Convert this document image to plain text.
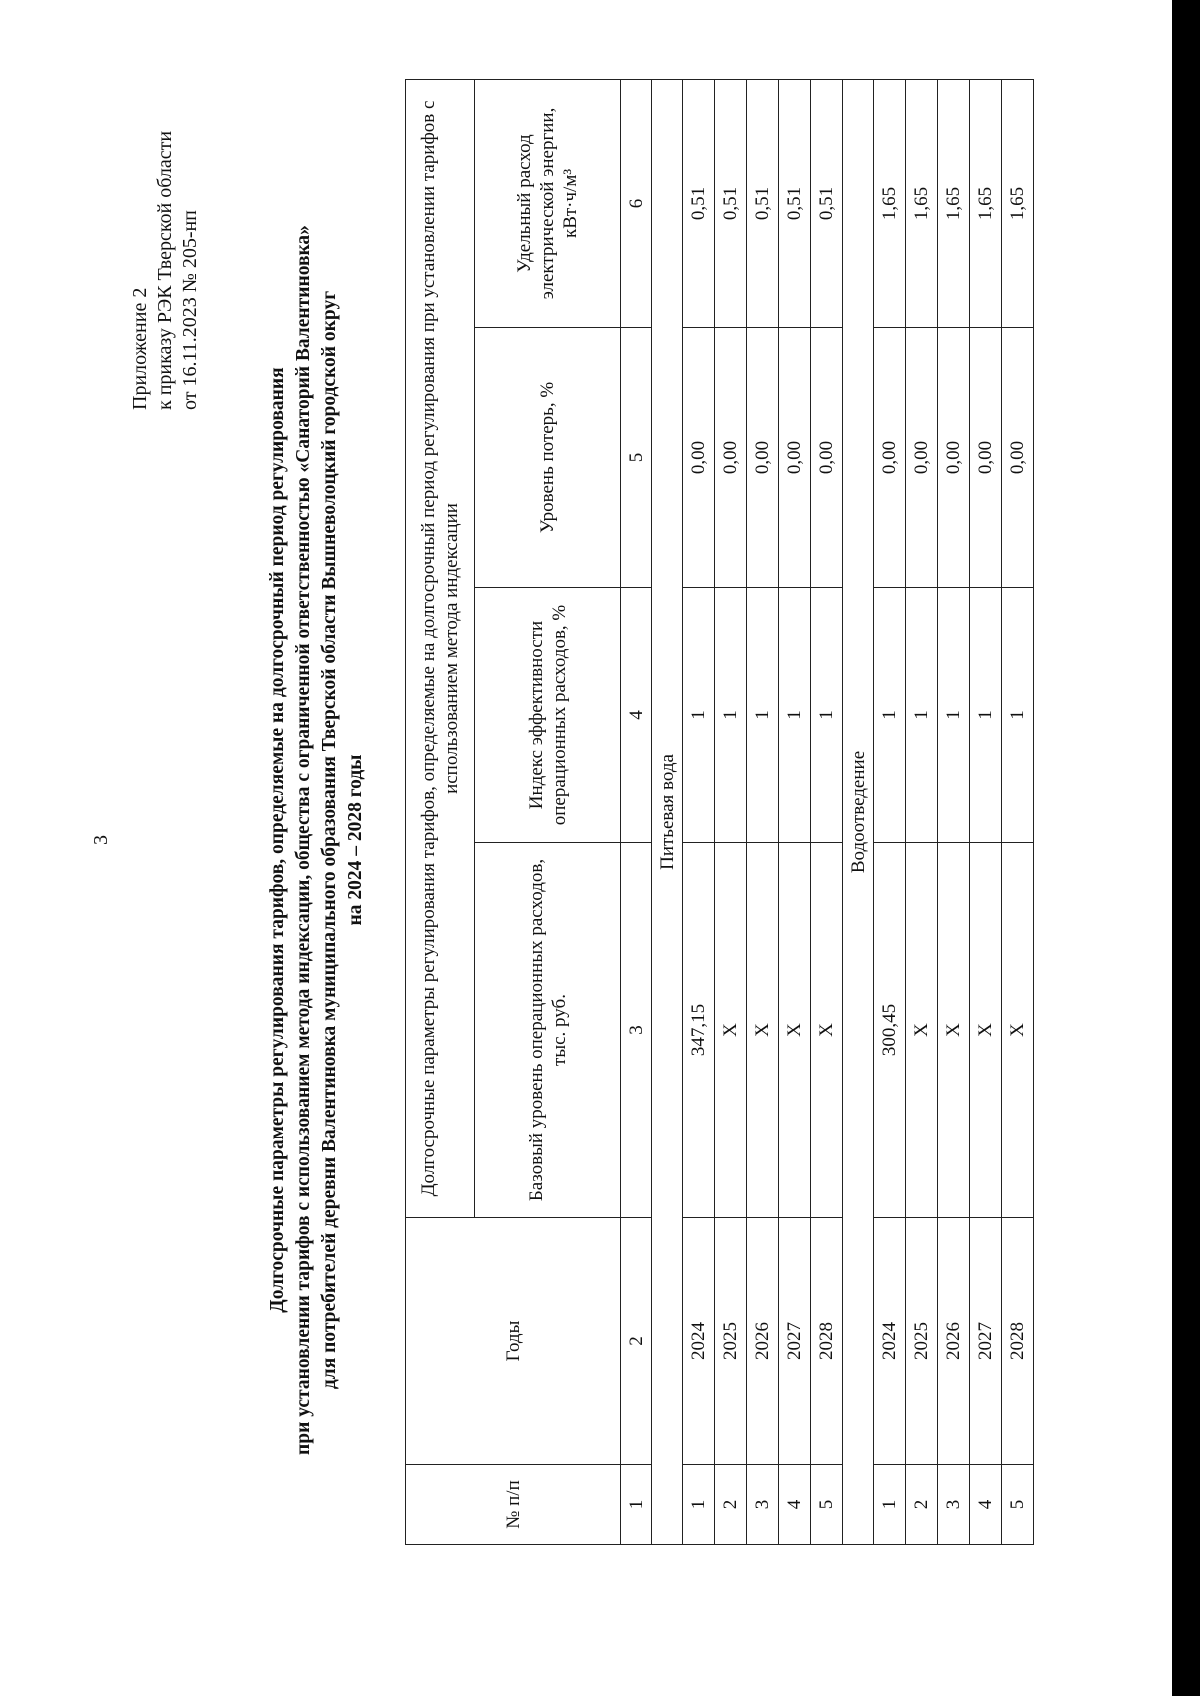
3
Приложение 2 к приказу РЭК Тверской области от 16.11.2023 № 205-нп
Долгосрочные параметры регулирования тарифов, определяемые на долгосрочный период регулирования при установлении тарифов с использованием метода индексации, общества с ограниченной ответственностью «Санаторий Валентиновка» для потребителей деревни Валентиновка муниципального образования Тверской области Вышневолоцкий городской округ на 2024 – 2028 годы
№ п/п	Годы	Долгосрочные параметры регулирования тарифов, определяемые на долгосрочный период регулирования при установлении тарифов с использованием метода индексации			
		Базовый уровень операционных расходов, тыс. руб.	Индекс эффективности операционных расходов, %	Уровень потерь, %	Удельный расход электрической энергии, кВт·ч/м³
1	2	3	4	5	6
Питьевая вода					
1	2024	347,15	1	0,00	0,51
2	2025	X	1	0,00	0,51
3	2026	X	1	0,00	0,51
4	2027	X	1	0,00	0,51
5	2028	X	1	0,00	0,51
Водоотведение					
1	2024	300,45	1	0,00	1,65
2	2025	X	1	0,00	1,65
3	2026	X	1	0,00	1,65
4	2027	X	1	0,00	1,65
5	2028	X	1	0,00	1,65
